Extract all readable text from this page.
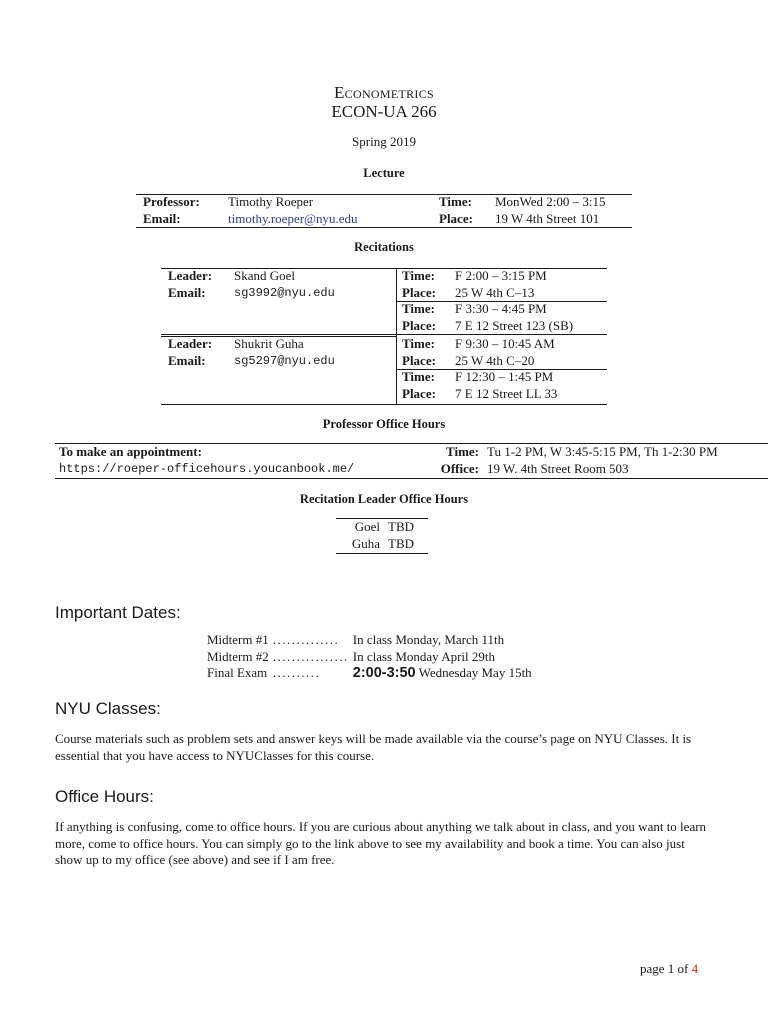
Econometrics
ECON-UA 266
Spring 2019
Lecture
Professor:	Timothy Roeper	Time:	MonWed 2:00 – 3:15
Email:	timothy.roeper@nyu.edu	Place:	19 W 4th Street 101
Recitations
Leader:	Skand Goel
Email:	sg3992@nyu.edu
Time:	F 2:00 – 3:15 PM
Place:	25 W 4th C–13
Time:	F 3:30 – 4:45 PM
Place:	7 E 12 Street 123 (SB)
Leader:	Shukrit Guha
Email:	sg5297@nyu.edu
Time:	F 9:30 – 10:45 AM
Place:	25 W 4th C–20
Time:	F 12:30 – 1:45 PM
Place:	7 E 12 Street LL 33
Professor Office Hours
To make an appointment:
https://roeper-officehours.youcanbook.me/
Time:	Tu 1-2 PM, W 3:45-5:15 PM, Th 1-2:30 PM
Office:	19 W. 4th Street Room 503
Recitation Leader Office Hours
Goel	TBD
Guha	TBD
Important Dates:
Midterm #1	..............	In class Monday, March 11th
Midterm #2	................	In class Monday April 29th
Final Exam	..........	2:00-3:50 Wednesday May 15th
NYU Classes:
Course materials such as problem sets and answer keys will be made available via the course’s page on NYU Classes. It is essential that you have access to NYUClasses for this course.
Office Hours:
If anything is confusing, come to office hours. If you are curious about anything we talk about in class, and you want to learn more, come to office hours. You can simply go to the link above to see my availability and book a time. You can also just show up to my office (see above) and see if I am free.
page 1 of 4
